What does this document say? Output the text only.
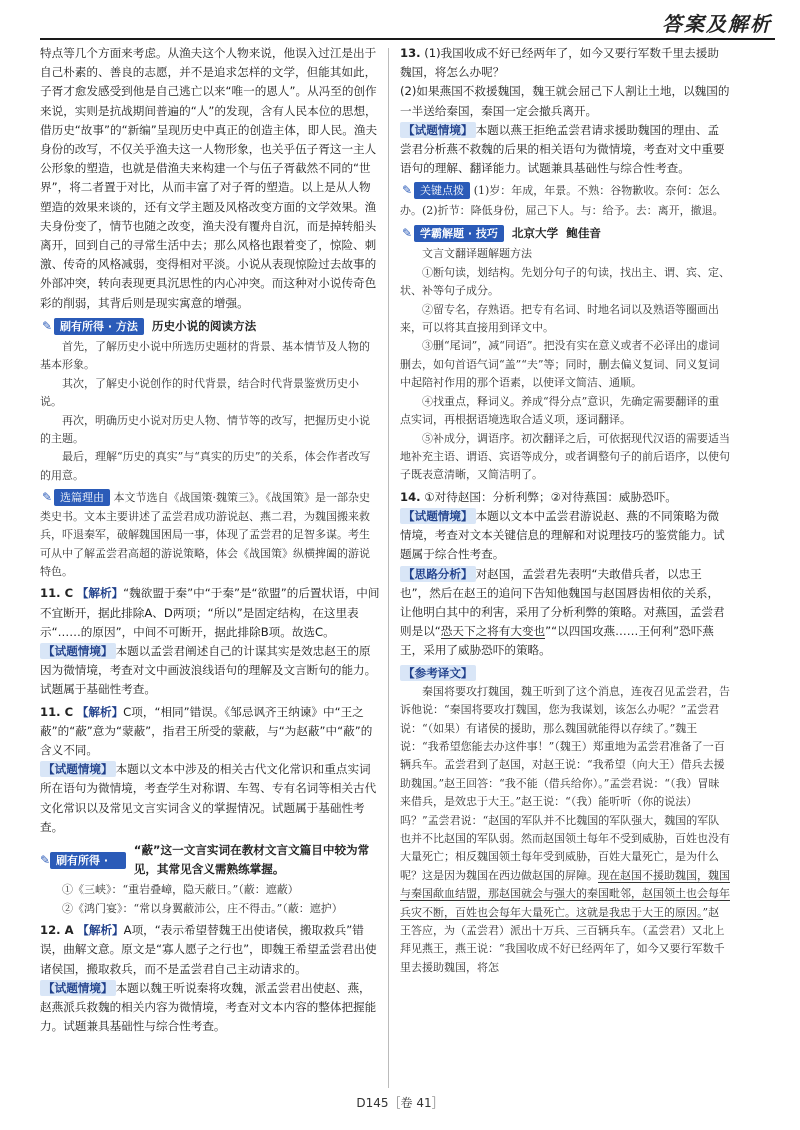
答案及解析

特点等几个方面来考虑。从渔夫这个人物来说，他误入过江是出于自己朴素的、善良的志愿，并不是追求怎样的文学，但能其如此，子胥才愈发感受到他是自己逃亡以来“唯一的恩人”。从冯至的创作来说，实则是抗战期间普遍的“人”的发现，含有人民本位的思想，借历史“故事”的“新编”呈现历史中真正的创造主体，即人民。渔夫身份的改写，不仅关乎渔夫这一人物形象，也关乎伍子胥这一主人公形象的塑造，也就是借渔夫来构建一个与伍子胥截然不同的“世界”，将二者置于对比，从而丰富了对子胥的塑造。以上是从人物塑造的效果来谈的，还有文学主题及风格改变方面的文学效果。渔夫身份变了，情节也随之改变，渔夫没有覆舟自沉，而是掉转船头离开，回到自己的寻常生活中去；那么风格也跟着变了，惊险、刺激、传奇的风格减弱，变得相对平淡。小说从表现惊险过去故事的外部冲突，转向表现更具沉思性的内心冲突。而这种对小说传奇色彩的削弱，其背后则是现实寓意的增强。

✎ 刷有所得 · 方法	历史小说的阅读方法

首先，了解历史小说中所选历史题材的背景、基本情节及人物的基本形象。

其次，了解史小说创作的时代背景，结合时代背景鉴赏历史小说。

再次，明确历史小说对历史人物、情节等的改写，把握历史小说的主题。

最后，理解“历史的真实”与“真实的历史”的关系，体会作者改写的用意。

✎ 选篇理由 本文节选自《战国策·魏策三》。《战国策》是一部杂史类史书。文本主要讲述了孟尝君成功游说赵、燕二君，为魏国搬来救兵，吓退秦军，破解魏国困局一事，体现了孟尝君的足智多谋。考生可从中了解孟尝君高超的游说策略，体会《战国策》纵横捭阖的游说特色。

11. C 【解析】“魏欲盟于秦”中“于秦”是“欲盟”的后置状语，中间不宜断开，据此排除A、D两项；“所以”是固定结构，在这里表示“……的原因”，中间不可断开，据此排除B项。故选C。

【试题情境】 本题以孟尝君阐述自己的计谋其实是效忠赵王的原因为微情境，考查对文中画波浪线语句的理解及文言断句的能力。试题属于基础性考查。

11. C 【解析】C项，“相同”错误。《邹忌讽齐王纳谏》中“王之蔽”的“蔽”意为“蒙蔽”，指君王所受的蒙蔽，与“为赵蔽”中“蔽”的含义不同。

【试题情境】 本题以文本中涉及的相关古代文化常识和重点实词所在语句为微情境，考查学生对称谓、车驾、专有名词等相关古代文化常识以及常见文言实词含义的掌握情况。试题属于基础性考查。

✎ 刷有所得 · 课文链接
“蔽”这一文言实词在教材文言文篇目中较为常见，其常见含义需熟练掌握。

①《三峡》：“重岩叠嶂，隐天蔽日。”（蔽：遮蔽）

②《鸿门宴》：“常以身翼蔽沛公，庄不得击。”（蔽：遮护）

12. A 【解析】A项，“表示希望替魏王出使诸侯，搬取救兵”错误，曲解文意。原文是“寡人愿子之行也”，即魏王希望孟尝君出使诸侯国，搬取救兵，而不是孟尝君自己主动请求的。

【试题情境】 本题以魏王听说秦将攻魏，派孟尝君出使赵、燕，赵燕派兵救魏的相关内容为微情境，考查对文本内容的整体把握能力。试题兼具基础性与综合性考查。

13. (1)我国收成不好已经两年了，如今又要行军数千里去援助魏国，将怎么办呢？

(2)如果燕国不救援魏国，魏王就会屈己下人割让土地，以魏国的一半送给秦国，秦国一定会撤兵离开。

【试题情境】 本题以燕王拒绝孟尝君请求援助魏国的理由、孟尝君分析燕不救魏的后果的相关语句为微情境，考查对文中重要语句的理解、翻译能力。试题兼具基础性与综合性考查。

✎ 关键点拨 (1)岁：年成，年景。不熟：谷物歉收。奈何：怎么办。(2)折节：降低身份，屈己下人。与：给予。去：离开，撤退。

✎ 学霸解题 · 技巧	北京大学 鲍佳音

文言文翻译题解题方法

①断句读，划结构。先划分句子的句读，找出主、谓、宾、定、状、补等句子成分。

②留专名，存熟语。把专有名词、时地名词以及熟语等圈画出来，可以将其直接用到译文中。

③删“尾词”，减“同语”。把没有实在意义或者不必译出的虚词删去，如句首语气词“盖”“夫”等；同时，删去偏义复词、同义复词中起陪衬作用的那个语素，以使译文简洁、通顺。

④找重点，释词义。养成“得分点”意识，先确定需要翻译的重点实词，再根据语境选取合适义项，逐词翻译。

⑤补成分，调语序。初次翻译之后，可依据现代汉语的需要适当地补充主语、谓语、宾语等成分，或者调整句子的前后语序，以使句子既表意清晰，又简洁明了。

14. ①对待赵国：分析利弊；②对待燕国：威胁恐吓。

【试题情境】 本题以文本中孟尝君游说赵、燕的不同策略为微情境，考查对文本关键信息的理解和对说理技巧的鉴赏能力。试题属于综合性考查。

【思路分析】 对赵国，孟尝君先表明“夫敢借兵者，以忠王也”，然后在赵王的追问下告知他魏国与赵国唇齿相依的关系，让他明白其中的利害，采用了分析利弊的策略。对燕国，孟尝君则是以“恐天下之将有大变也”“以四国攻燕……王何利”恐吓燕王，采用了威胁恐吓的策略。

【参考译文】

秦国将要攻打魏国，魏王听到了这个消息，连夜召见孟尝君，告诉他说：“秦国将要攻打魏国，您为我谋划，该怎么办呢？”孟尝君说：“（如果）有诸侯的援助，那么魏国就能得以存续了。”魏王说：“我希望您能去办这件事！”（魏王）郑重地为孟尝君准备了一百辆兵车。孟尝君到了赵国，对赵王说：“我希望（向大王）借兵去援助魏国。”赵王回答：“我不能（借兵给你）。”孟尝君说：“（我）冒昧来借兵，是效忠于大王。”赵王说：“（我）能听听（你的说法）吗？”孟尝君说：“赵国的军队并不比魏国的军队强大，魏国的军队也并不比赵国的军队弱。然而赵国领土每年不受到威胁，百姓也没有大量死亡；相反魏国领土每年受到威胁，百姓大量死亡，是为什么呢？这是因为魏国在西边做赵国的屏障。现在赵国不援助魏国，魏国与秦国歃血结盟，那赵国就会与强大的秦国毗邻，赵国领土也会每年兵灾不断，百姓也会每年大量死亡。这就是我忠于大王的原因。”赵王答应，为（孟尝君）派出十万兵、三百辆兵车。（孟尝君）又北上拜见燕王，燕王说：“我国收成不好已经两年了，如今又要行军数千里去援助魏国，将怎

D145［卷 41］
